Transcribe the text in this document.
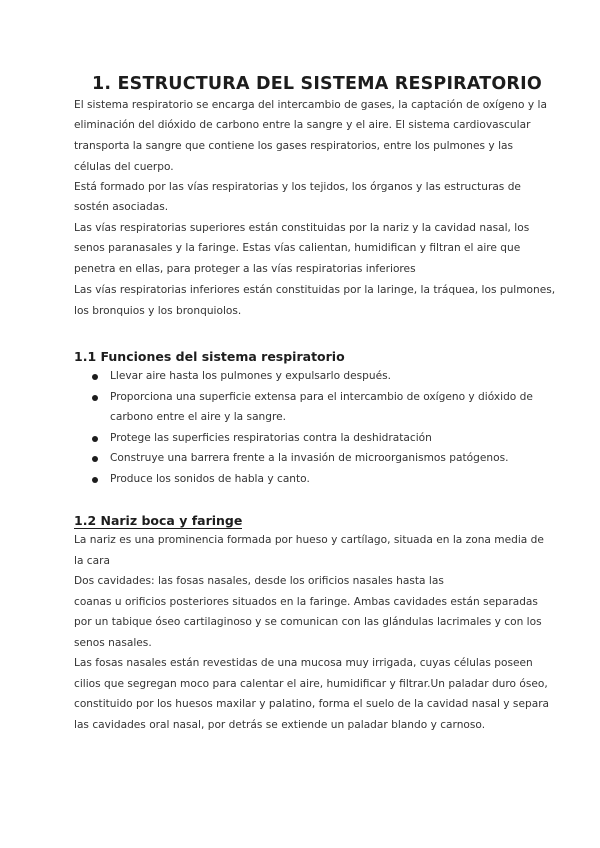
1. ESTRUCTURA DEL SISTEMA RESPIRATORIO
El sistema respiratorio se encarga del intercambio de gases, la captación de oxígeno y la
eliminación del dióxido de carbono entre la sangre y el aire. El sistema cardiovascular
transporta la sangre que contiene los gases respiratorios, entre los pulmones y las
células del cuerpo.
Está formado por las vías respiratorias y los tejidos, los órganos y las estructuras de
sostén asociadas.
Las vías respiratorias superiores están constituidas por la nariz y la cavidad nasal, los
senos paranasales y la faringe. Estas vías calientan, humidifican y filtran el aire que
penetra en ellas, para proteger a las vías respiratorias inferiores
Las vías respiratorias inferiores están constituidas por la laringe, la tráquea, los pulmones,
los bronquios y los bronquiolos.
1.1 Funciones del sistema respiratorio
Llevar aire hasta los pulmones y expulsarlo después.
Proporciona una superficie extensa para el intercambio de oxígeno y dióxido de
carbono entre el aire y la sangre.
Protege las superficies respiratorias contra la deshidratación
Construye una barrera frente a la invasión de microorganismos patógenos.
Produce los sonidos de habla y canto.
1.2 Nariz boca y faringe
La nariz es una prominencia formada por hueso y cartílago, situada en la zona media de
la cara
Dos cavidades: las fosas nasales, desde los orificios nasales hasta las
coanas u orificios posteriores situados en la faringe. Ambas cavidades están separadas
por un tabique óseo cartilaginoso y se comunican con las glándulas lacrimales y con los
senos nasales.
Las fosas nasales están revestidas de una mucosa muy irrigada, cuyas células poseen
cilios que segregan moco para calentar el aire, humidificar y filtrar.Un paladar duro óseo,
constituido por los huesos maxilar y palatino, forma el suelo de la cavidad nasal y separa
las cavidades oral nasal, por detrás se extiende un paladar blando y carnoso.
